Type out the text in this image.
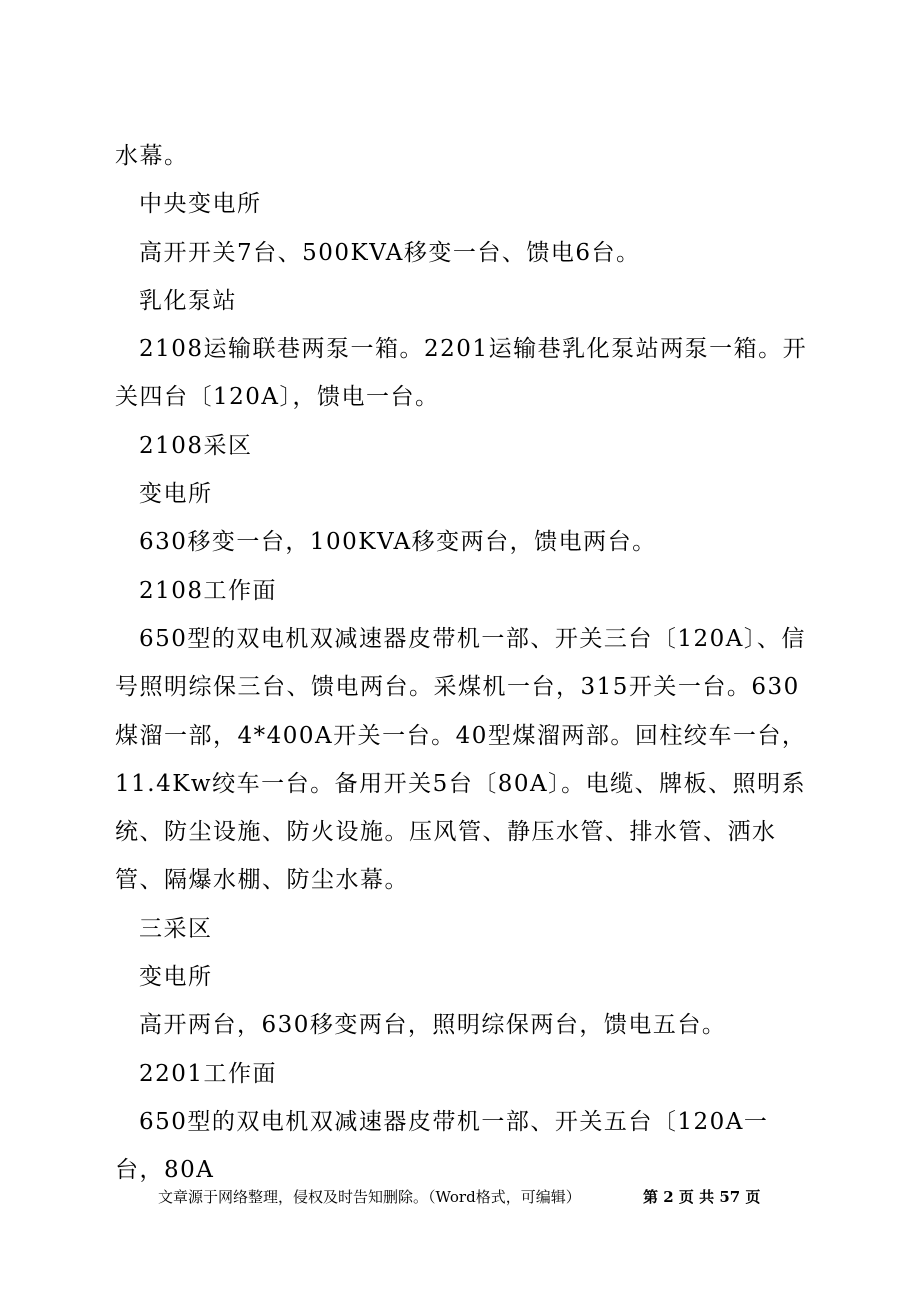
水幕。

中央变电所

高开开关7台、500KVA移变一台、馈电6台。

乳化泵站

2108运输联巷两泵一箱。2201运输巷乳化泵站两泵一箱。开关四台〔120A〕，馈电一台。

2108采区

变电所

630移变一台，100KVA移变两台，馈电两台。

2108工作面

650型的双电机双减速器皮带机一部、开关三台〔120A〕、信号照明综保三台、馈电两台。采煤机一台，315开关一台。630煤溜一部，4*400A开关一台。40型煤溜两部。回柱绞车一台，11.4Kw绞车一台。备用开关5台〔80A〕。电缆、牌板、照明系统、防尘设施、防火设施。压风管、静压水管、排水管、洒水管、隔爆水棚、防尘水幕。

三采区

变电所

高开两台，630移变两台，照明综保两台，馈电五台。

2201工作面

650型的双电机双减速器皮带机一部、开关五台〔120A一台，80A

文章源于网络整理，侵权及时告知删除。（Word格式，可编辑）	第 2 页 共 57 页
